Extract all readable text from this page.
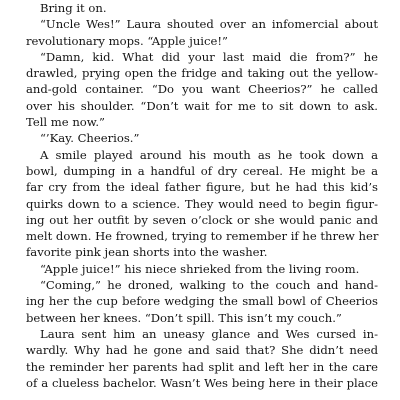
Bring it on.
“Uncle Wes!” Laura shouted over an infomercial about
revolutionary mops. “Apple juice!”
“Damn, kid. What did your last maid die from?” he
drawled, prying open the fridge and taking out the yellow-
and-gold container. “Do you want Cheerios?” he called
over his shoulder. “Don’t wait for me to sit down to ask.
Tell me now.”
“’Kay. Cheerios.”
A smile played around his mouth as he took down a
bowl, dumping in a handful of dry cereal. He might be a
far cry from the ideal father figure, but he had this kid’s
quirks down to a science. They would need to begin figur-
ing out her outfit by seven o’clock or she would panic and
melt down. He frowned, trying to remember if he threw her
favorite pink jean shorts into the washer.
“Apple juice!” his niece shrieked from the living room.
“Coming,” he droned, walking to the couch and hand-
ing her the cup before wedging the small bowl of Cheerios
between her knees. “Don’t spill. This isn’t my couch.”
Laura sent him an uneasy glance and Wes cursed in-
wardly. Why had he gone and said that? She didn’t need
the reminder her parents had split and left her in the care
of a clueless bachelor. Wasn’t Wes being here in their place
